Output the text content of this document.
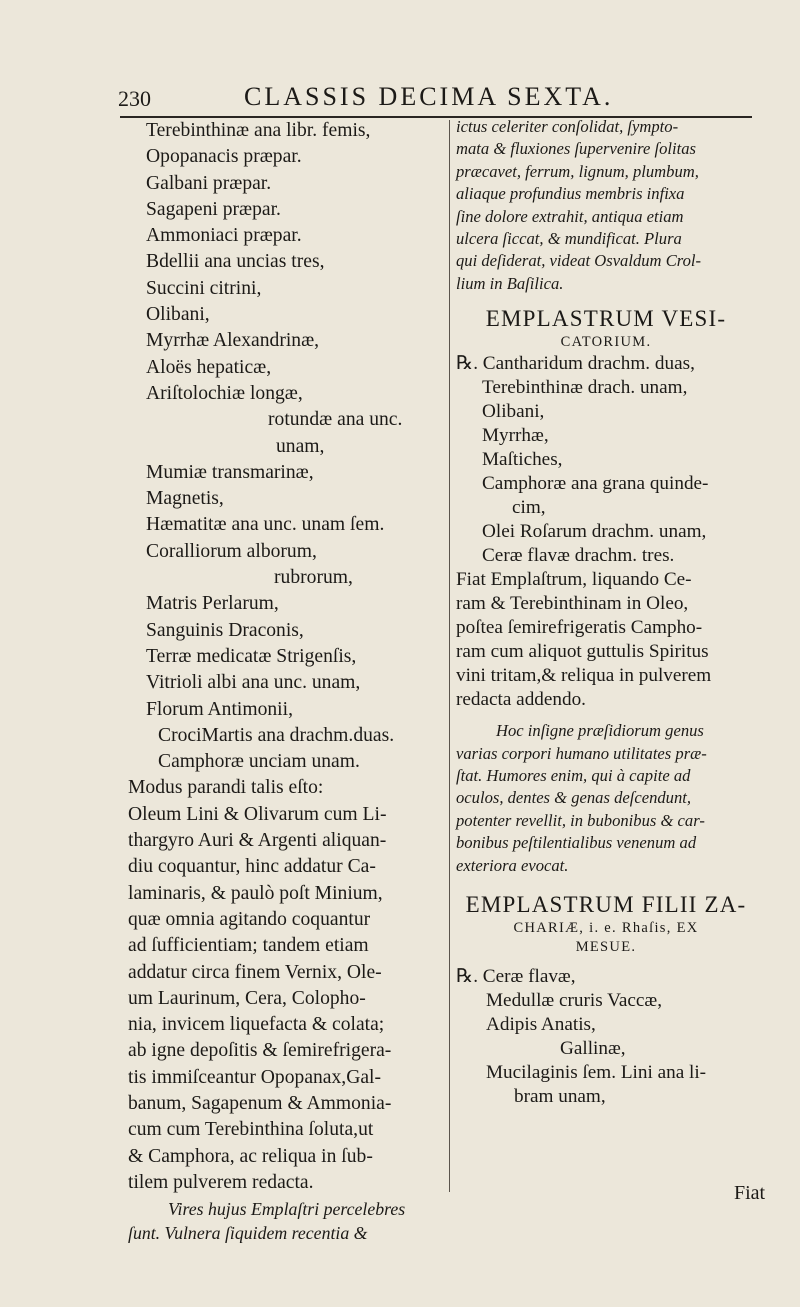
230	CLASSIS DECIMA SEXTA.
Terebinthinæ ana libr. femis,
Opopanacis præpar.
Galbani præpar.
Sagapeni præpar.
Ammoniaci præpar.
Bdellii ana uncias tres,
Succini citrini,
Olibani,
Myrrhæ Alexandrinæ,
Aloës hepaticæ,
Ariſtolochiæ longæ,
rotundæ ana unc.
unam,
Mumiæ transmarinæ,
Magnetis,
Hæmatitæ ana unc. unam ſem.
Coralliorum alborum,
rubrorum,
Matris Perlarum,
Sanguinis Draconis,
Terræ medicatæ Strigenſis,
Vitrioli albi ana unc. unam,
Florum Antimonii,
CrociMartis ana drachm.duas.
Camphoræ unciam unam.
Modus parandi talis eſto:
Oleum Lini & Olivarum cum Li-
thargyro Auri & Argenti aliquan-
diu coquantur, hinc addatur Ca-
laminaris, & paulò poſt Minium,
quæ omnia agitando coquantur
ad ſufficientiam; tandem etiam
addatur circa finem Vernix, Ole-
um Laurinum, Cera, Colopho-
nia, invicem liquefacta & colata;
ab igne depoſitis & ſemirefrigera-
tis immiſceantur Opopanax,Gal-
banum, Sagapenum & Ammonia-
cum cum Terebinthina ſoluta,ut
& Camphora, ac reliqua in ſub-
tilem pulverem redacta.
Vires hujus Emplaſtri percelebres
ſunt. Vulnera ſiquidem recentia &
ictus celeriter conſolidat, ſympto-
mata & fluxiones ſupervenire ſolitas
præcavet, ferrum, lignum, plumbum,
aliaque profundius membris infixa
ſine dolore extrahit, antiqua etiam
ulcera ſiccat, & mundificat. Plura
qui deſiderat, videat Osvaldum Crol-
lium in Baſilica.
EMPLASTRUM VESI-
CATORIUM.
℞. Cantharidum drachm. duas,
Terebinthinæ drach. unam,
Olibani,
Myrrhæ,
Maſtiches,
Camphoræ ana grana quinde-
cim,
Olei Roſarum drachm. unam,
Ceræ flavæ drachm. tres.
Fiat Emplaſtrum, liquando Ce-
ram & Terebinthinam in Oleo,
poſtea ſemirefrigeratis Campho-
ram cum aliquot guttulis Spiritus
vini tritam,& reliqua in pulverem
redacta addendo.
Hoc inſigne præſidiorum genus
varias corpori humano utilitates præ-
ſtat. Humores enim, qui à capite ad
oculos, dentes & genas deſcendunt,
potenter revellit, in bubonibus & car-
bonibus peſtilentialibus venenum ad
exteriora evocat.
EMPLASTRUM FILII ZA-
CHARIÆ, i. e. Rhaſis, EX
MESUE.
℞. Ceræ flavæ,
Medullæ cruris Vaccæ,
Adipis Anatis,
Gallinæ,
Mucilaginis ſem. Lini ana li-
bram unam,
Fiat
